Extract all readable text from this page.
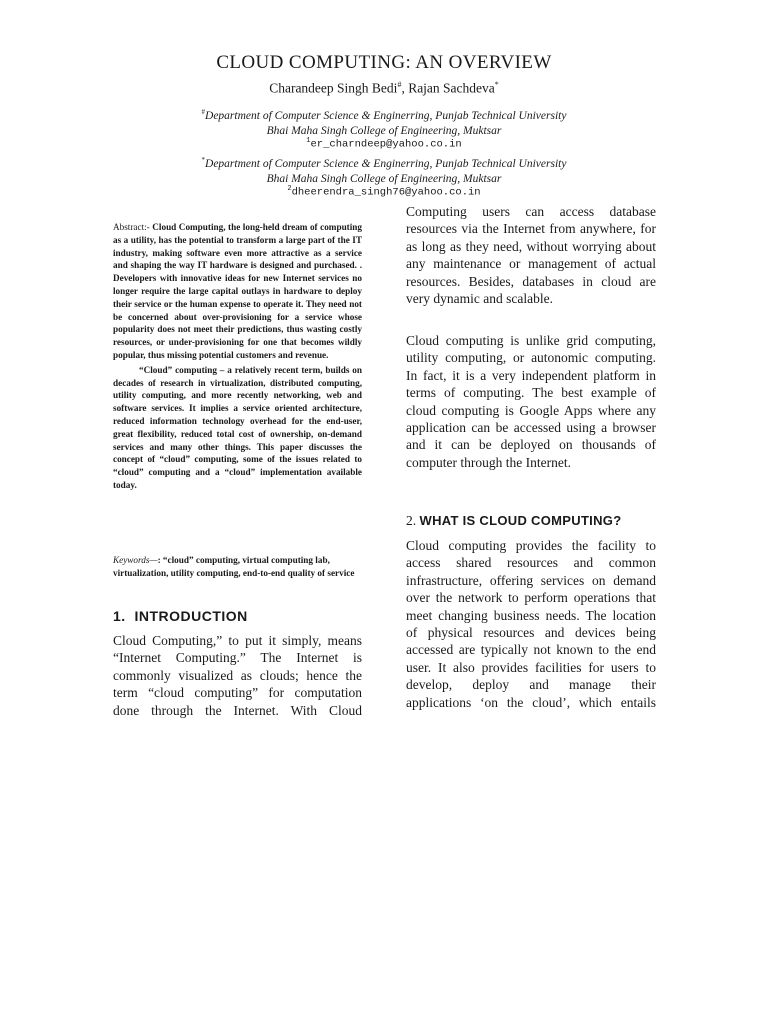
CLOUD COMPUTING: AN OVERVIEW
Charandeep Singh Bedi#, Rajan Sachdeva*
#Department of Computer Science & Enginerring, Punjab Technical University
Bhai Maha Singh College of Engineering, Muktsar
$^1$er_charndeep@yahoo.co.in
*Department of Computer Science & Enginerring, Punjab Technical University
Bhai Maha Singh College of Engineering, Muktsar
$^2$dheerendra_singh76@yahoo.co.in

Abstract:- Cloud Computing, the long-held dream of computing as a utility, has the potential to transform a large part of the IT industry, making software even more attractive as a service and shaping the way IT hardware is designed and purchased. . Developers with innovative ideas for new Internet services no longer require the large capital outlays in hardware to deploy their service or the human expense to operate it. They need not be concerned about over-provisioning for a service whose popularity does not meet their predictions, thus wasting costly resources, or under-provisioning for one that becomes wildly popular, thus missing potential customers and revenue.

“Cloud” computing – a relatively recent term, builds on decades of research in virtualization, distributed computing, utility computing, and more recently networking, web and software services. It implies a service oriented architecture, reduced information technology overhead for the end-user, great flexibility, reduced total cost of ownership, on-demand services and many other things. This paper discusses the concept of “cloud” computing, some of the issues related to “cloud” computing and a “cloud” implementation available today.

Keywords—: “cloud” computing, virtual computing lab, virtualization, utility computing, end-to-end quality of service
1. INTRODUCTION

Cloud Computing,” to put it simply, means “Internet Computing.” The Internet is commonly visualized as clouds; hence the term “cloud computing” for computation done through the Internet. With Cloud

Computing users can access database resources via the Internet from anywhere, for as long as they need, without worrying about any maintenance or management of actual resources. Besides, databases in cloud are very dynamic and scalable.

Cloud computing is unlike grid computing, utility computing, or autonomic computing. In fact, it is a very independent platform in terms of computing. The best example of cloud computing is Google Apps where any application can be accessed using a browser and it can be deployed on thousands of computer through the Internet.

2. WHAT IS CLOUD COMPUTING?

Cloud computing provides the facility to access shared resources and common infrastructure, offering services on demand over the network to perform operations that meet changing business needs. The location of physical resources and devices being accessed are typically not known to the end user. It also provides facilities for users to develop, deploy and manage their applications ‘on the cloud’, which entails
